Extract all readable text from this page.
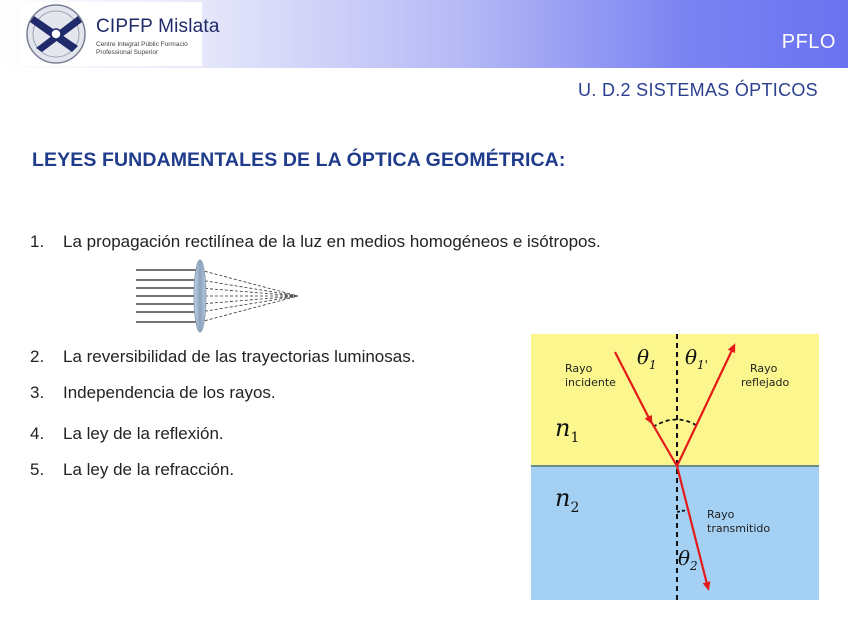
CIPFP Mislata
Centre Integrat Públic Formació Professional Superior	PFLO
U. D.2 SISTEMAS ÓPTICOS
LEYES FUNDAMENTALES DE LA ÓPTICA GEOMÉTRICA:
1. La propagación rectilínea de la luz en medios homogéneos e isótropos.
2. La reversibilidad de las trayectorias luminosas.
3. Independencia de los rayos.
4. La ley de la reflexión.
5. La ley de la refracción.
Rayo
incidente
Rayo
reflejado
Rayo
transmitido
$\theta_1$ $\theta_{1'}$
$\theta_2$
$n_1$
$n_2$
